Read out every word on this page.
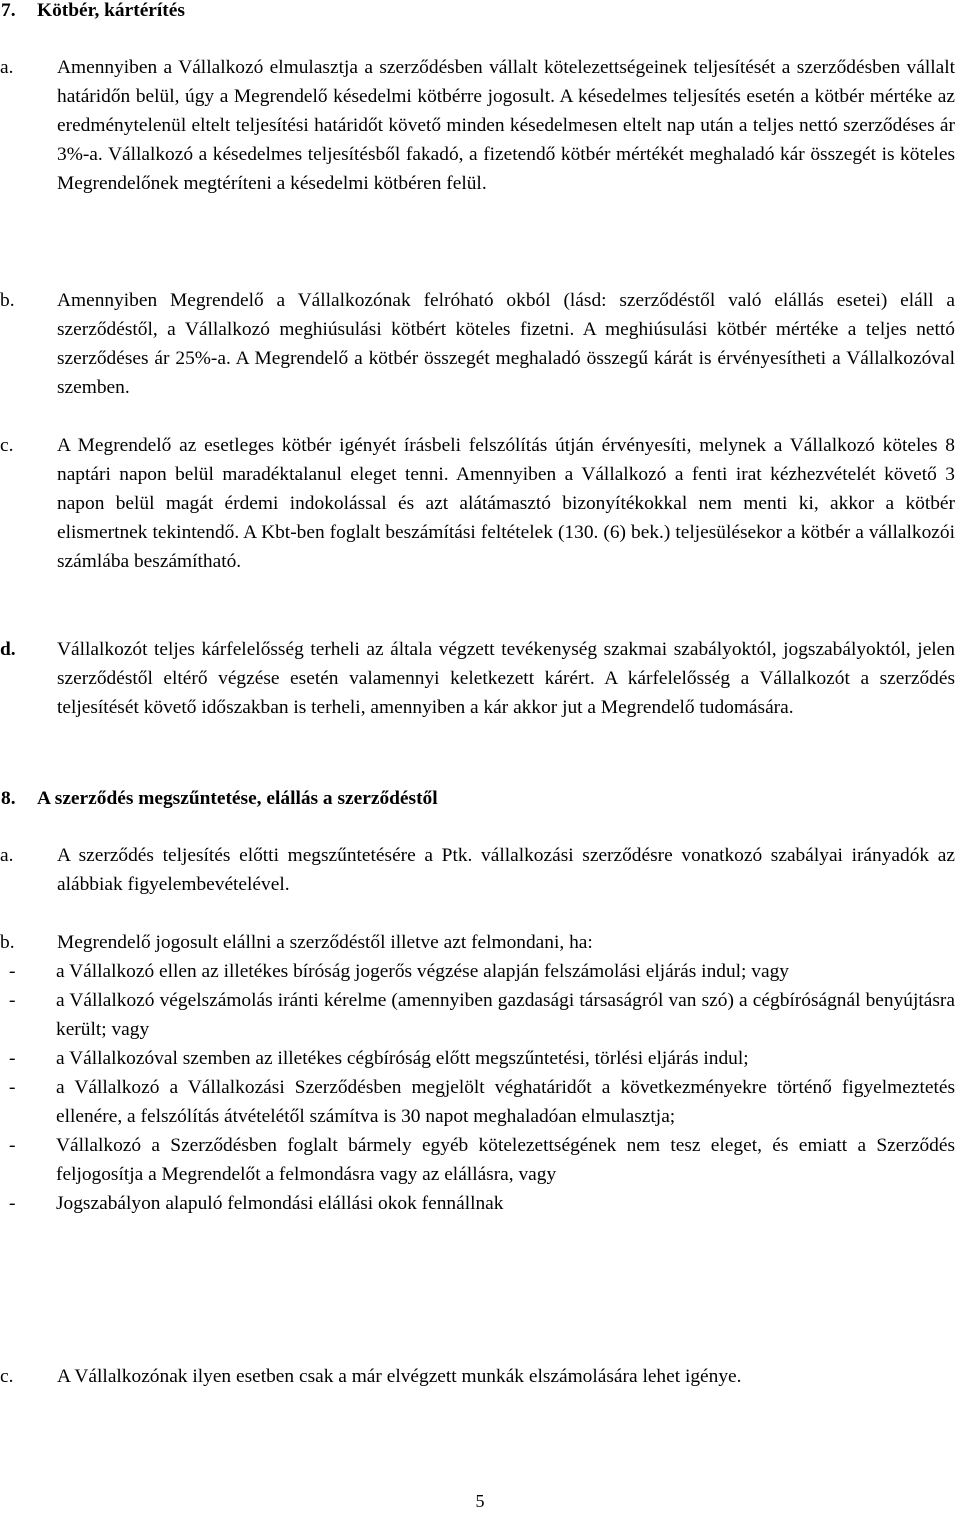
7. Kötbér, kártérítés
a. Amennyiben a Vállalkozó elmulasztja a szerződésben vállalt kötelezettségeinek teljesítését a szerződésben vállalt határidőn belül, úgy a Megrendelő késedelmi kötbérre jogosult. A késedelmes teljesítés esetén a kötbér mértéke az eredménytelenül eltelt teljesítési határidőt követő minden késedelmesen eltelt nap után a teljes nettó szerződéses ár 3%-a. Vállalkozó a késedelmes teljesítésből fakadó, a fizetendő kötbér mértékét meghaladó kár összegét is köteles Megrendelőnek megtéríteni a késedelmi kötbéren felül.
b. Amennyiben Megrendelő a Vállalkozónak felróható okból (lásd: szerződéstől való elállás esetei) eláll a szerződéstől, a Vállalkozó meghiúsulási kötbért köteles fizetni. A meghiúsulási kötbér mértéke a teljes nettó szerződéses ár 25%-a. A Megrendelő a kötbér összegét meghaladó összegű kárát is érvényesítheti a Vállalkozóval szemben.
c. A Megrendelő az esetleges kötbér igényét írásbeli felszólítás útján érvényesíti, melynek a Vállalkozó köteles 8 naptári napon belül maradéktalanul eleget tenni. Amennyiben a Vállalkozó a fenti irat kézhezvételét követő 3 napon belül magát érdemi indokolással és azt alátámasztó bizonyítékokkal nem menti ki, akkor a kötbér elismertnek tekintendő. A Kbt-ben foglalt beszámítási feltételek (130. (6) bek.) teljesülésekor a kötbér a vállalkozói számlába beszámítható.
d. Vállalkozót teljes kárfelelősség terheli az általa végzett tevékenység szakmai szabályoktól, jogszabályoktól, jelen szerződéstől eltérő végzése esetén valamennyi keletkezett kárért. A kárfelelősség a Vállalkozót a szerződés teljesítését követő időszakban is terheli, amennyiben a kár akkor jut a Megrendelő tudomására.
8. A szerződés megszűntetése, elállás a szerződéstől
a. A szerződés teljesítés előtti megszűntetésére a Ptk. vállalkozási szerződésre vonatkozó szabályai irányadók az alábbiak figyelembevételével.
b. Megrendelő jogosult elállni a szerződéstől illetve azt felmondani, ha:
- a Vállalkozó ellen az illetékes bíróság jogerős végzése alapján felszámolási eljárás indul; vagy
- a Vállalkozó végelszámolás iránti kérelme (amennyiben gazdasági társaságról van szó) a cégbíróságnál benyújtásra került; vagy
- a Vállalkozóval szemben az illetékes cégbíróság előtt megszűntetési, törlési eljárás indul;
- a Vállalkozó a Vállalkozási Szerződésben megjelölt véghatáridőt a következményekre történő figyelmeztetés ellenére, a felszólítás átvételétől számítva is 30 napot meghaladóan elmulasztja;
- Vállalkozó a Szerződésben foglalt bármely egyéb kötelezettségének nem tesz eleget, és emiatt a Szerződés feljogosítja a Megrendelőt a felmondásra vagy az elállásra, vagy
- Jogszabályon alapuló felmondási elállási okok fennállnak
c. A Vállalkozónak ilyen esetben csak a már elvégzett munkák elszámolására lehet igénye.
5
